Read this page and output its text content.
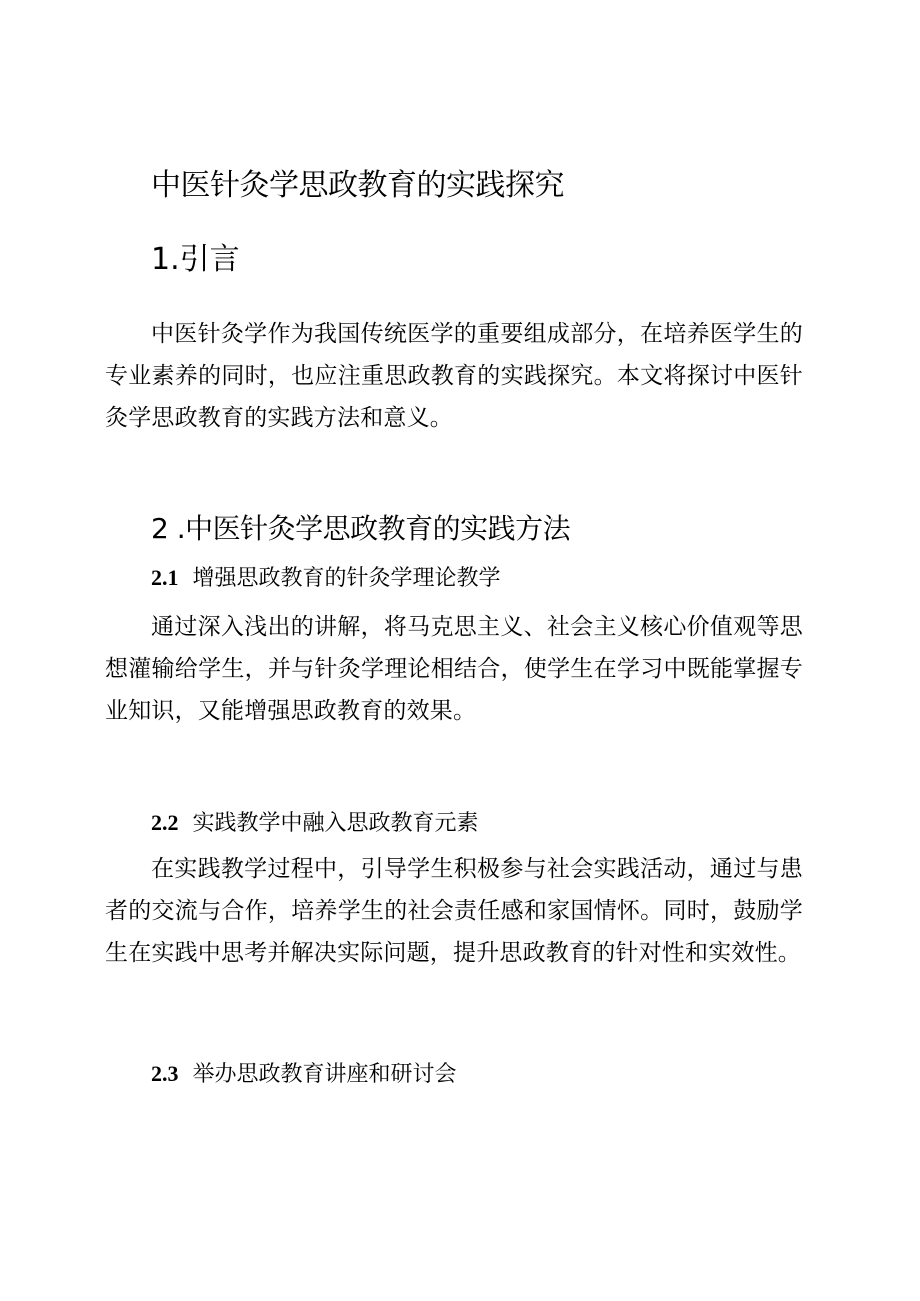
中医针灸学思政教育的实践探究
1.引言
中医针灸学作为我国传统医学的重要组成部分，在培养医学生的专业素养的同时，也应注重思政教育的实践探究。本文将探讨中医针灸学思政教育的实践方法和意义。
2 .中医针灸学思政教育的实践方法
2.1 增强思政教育的针灸学理论教学
通过深入浅出的讲解，将马克思主义、社会主义核心价值观等思想灌输给学生，并与针灸学理论相结合，使学生在学习中既能掌握专业知识，又能增强思政教育的效果。
2.2 实践教学中融入思政教育元素
在实践教学过程中，引导学生积极参与社会实践活动，通过与患者的交流与合作，培养学生的社会责任感和家国情怀。同时，鼓励学生在实践中思考并解决实际问题，提升思政教育的针对性和实效性。
2.3 举办思政教育讲座和研讨会
